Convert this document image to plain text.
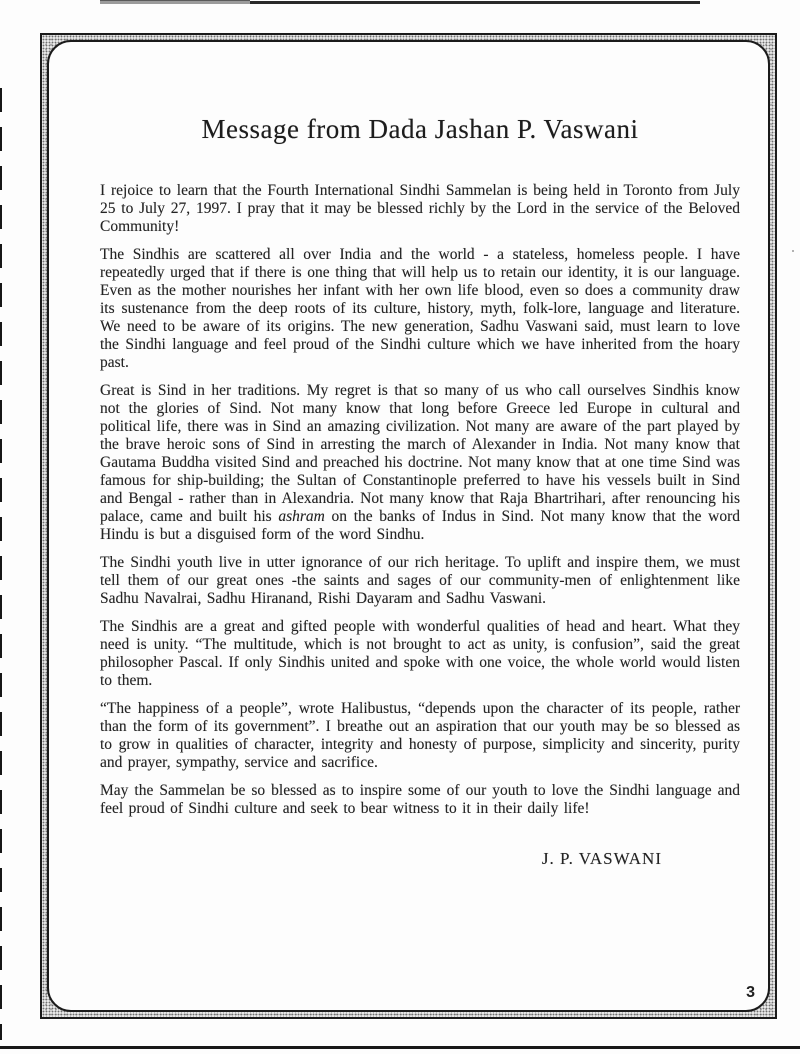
Message from Dada Jashan P. Vaswani

I rejoice to learn that the Fourth International Sindhi Sammelan is being held in Toronto from July 25 to July 27, 1997. I pray that it may be blessed richly by the Lord in the service of the Beloved Community!

The Sindhis are scattered all over India and the world - a stateless, homeless people. I have repeatedly urged that if there is one thing that will help us to retain our identity, it is our language. Even as the mother nourishes her infant with her own life blood, even so does a community draw its sustenance from the deep roots of its culture, history, myth, folk-lore, language and literature. We need to be aware of its origins. The new generation, Sadhu Vaswani said, must learn to love the Sindhi language and feel proud of the Sindhi culture which we have inherited from the hoary past.

Great is Sind in her traditions. My regret is that so many of us who call ourselves Sindhis know not the glories of Sind. Not many know that long before Greece led Europe in cultural and political life, there was in Sind an amazing civilization. Not many are aware of the part played by the brave heroic sons of Sind in arresting the march of Alexander in India. Not many know that Gautama Buddha visited Sind and preached his doctrine. Not many know that at one time Sind was famous for ship-building; the Sultan of Constantinople preferred to have his vessels built in Sind and Bengal - rather than in Alexandria. Not many know that Raja Bhartrihari, after renouncing his palace, came and built his ashram on the banks of Indus in Sind. Not many know that the word Hindu is but a disguised form of the word Sindhu.

The Sindhi youth live in utter ignorance of our rich heritage. To uplift and inspire them, we must tell them of our great ones -the saints and sages of our community-men of enlightenment like Sadhu Navalrai, Sadhu Hiranand, Rishi Dayaram and Sadhu Vaswani.

The Sindhis are a great and gifted people with wonderful qualities of head and heart. What they need is unity. “The multitude, which is not brought to act as unity, is confusion”, said the great philosopher Pascal. If only Sindhis united and spoke with one voice, the whole world would listen to them.

“The happiness of a people”, wrote Halibustus, “depends upon the character of its people, rather than the form of its government”. I breathe out an aspiration that our youth may be so blessed as to grow in qualities of character, integrity and honesty of purpose, simplicity and sincerity, purity and prayer, sympathy, service and sacrifice.

May the Sammelan be so blessed as to inspire some of our youth to love the Sindhi language and feel proud of Sindhi culture and seek to bear witness to it in their daily life!

J. P. VASWANI
3
